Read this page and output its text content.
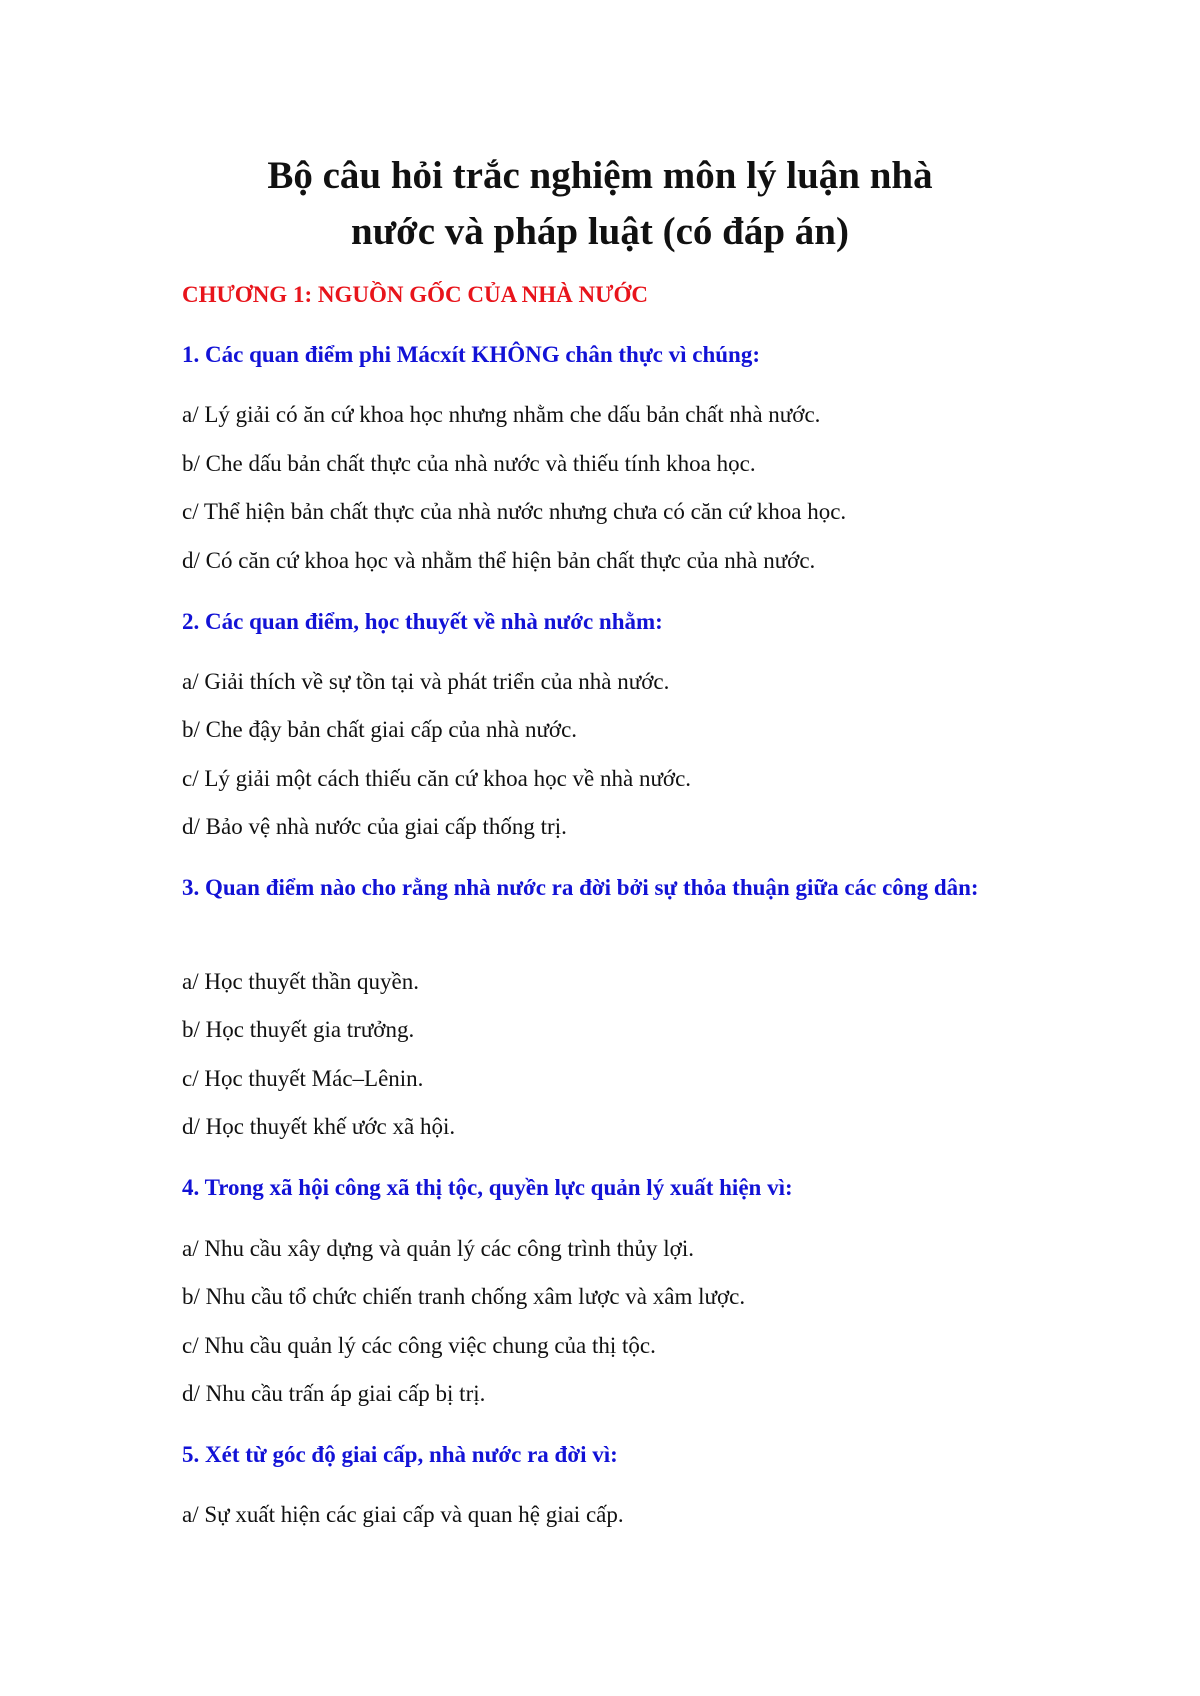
Bộ câu hỏi trắc nghiệm môn lý luận nhà
nước và pháp luật (có đáp án)

CHƯƠNG 1: NGUỒN GỐC CỦA NHÀ NƯỚC

1. Các quan điểm phi Mácxít KHÔNG chân thực vì chúng:

a/ Lý giải có ăn cứ khoa học nhưng nhằm che dấu bản chất nhà nước.

b/ Che dấu bản chất thực của nhà nước và thiếu tính khoa học.

c/ Thể hiện bản chất thực của nhà nước nhưng chưa có căn cứ khoa học.

d/ Có căn cứ khoa học và nhằm thể hiện bản chất thực của nhà nước.

2. Các quan điểm, học thuyết về nhà nước nhằm:

a/ Giải thích về sự tồn tại và phát triển của nhà nước.

b/ Che đậy bản chất giai cấp của nhà nước.

c/ Lý giải một cách thiếu căn cứ khoa học về nhà nước.

d/ Bảo vệ nhà nước của giai cấp thống trị.

3. Quan điểm nào cho rằng nhà nước ra đời bởi sự thỏa thuận giữa các công dân:

a/ Học thuyết thần quyền.

b/ Học thuyết gia trưởng.

c/ Học thuyết Mác–Lênin.

d/ Học thuyết khế ước xã hội.

4. Trong xã hội công xã thị tộc, quyền lực quản lý xuất hiện vì:

a/ Nhu cầu xây dựng và quản lý các công trình thủy lợi.

b/ Nhu cầu tổ chức chiến tranh chống xâm lược và xâm lược.

c/ Nhu cầu quản lý các công việc chung của thị tộc.

d/ Nhu cầu trấn áp giai cấp bị trị.

5. Xét từ góc độ giai cấp, nhà nước ra đời vì:

a/ Sự xuất hiện các giai cấp và quan hệ giai cấp.
